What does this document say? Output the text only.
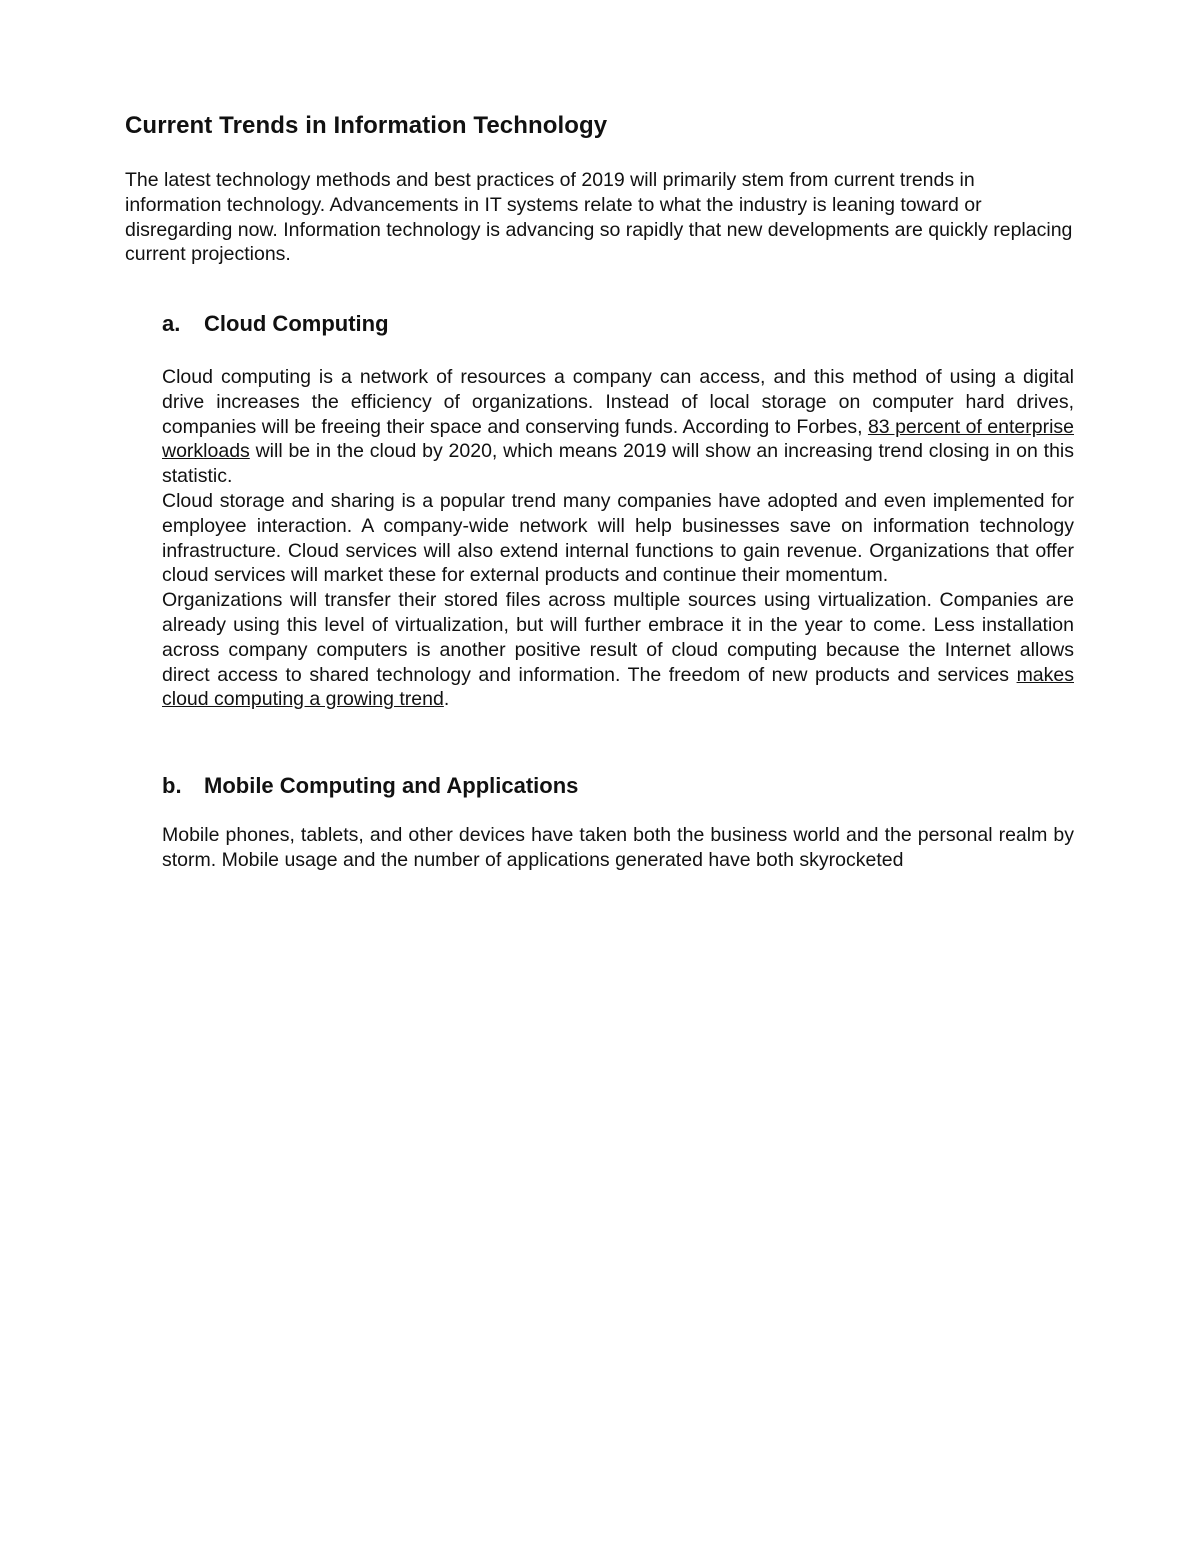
Current Trends in Information Technology

The latest technology methods and best practices of 2019 will primarily stem from current trends in information technology. Advancements in IT systems relate to what the industry is leaning toward or disregarding now. Information technology is advancing so rapidly that new developments are quickly replacing current projections.

a. Cloud Computing

Cloud computing is a network of resources a company can access, and this method of using a digital drive increases the efficiency of organizations. Instead of local storage on computer hard drives, companies will be freeing their space and conserving funds. According to Forbes, 83 percent of enterprise workloads will be in the cloud by 2020, which means 2019 will show an increasing trend closing in on this statistic.

Cloud storage and sharing is a popular trend many companies have adopted and even implemented for employee interaction. A company-wide network will help businesses save on information technology infrastructure. Cloud services will also extend internal functions to gain revenue. Organizations that offer cloud services will market these for external products and continue their momentum.

Organizations will transfer their stored files across multiple sources using virtualization. Companies are already using this level of virtualization, but will further embrace it in the year to come. Less installation across company computers is another positive result of cloud computing because the Internet allows direct access to shared technology and information. The freedom of new products and services makes cloud computing a growing trend.

b. Mobile Computing and Applications

Mobile phones, tablets, and other devices have taken both the business world and the personal realm by storm. Mobile usage and the number of applications generated have both skyrocketed
